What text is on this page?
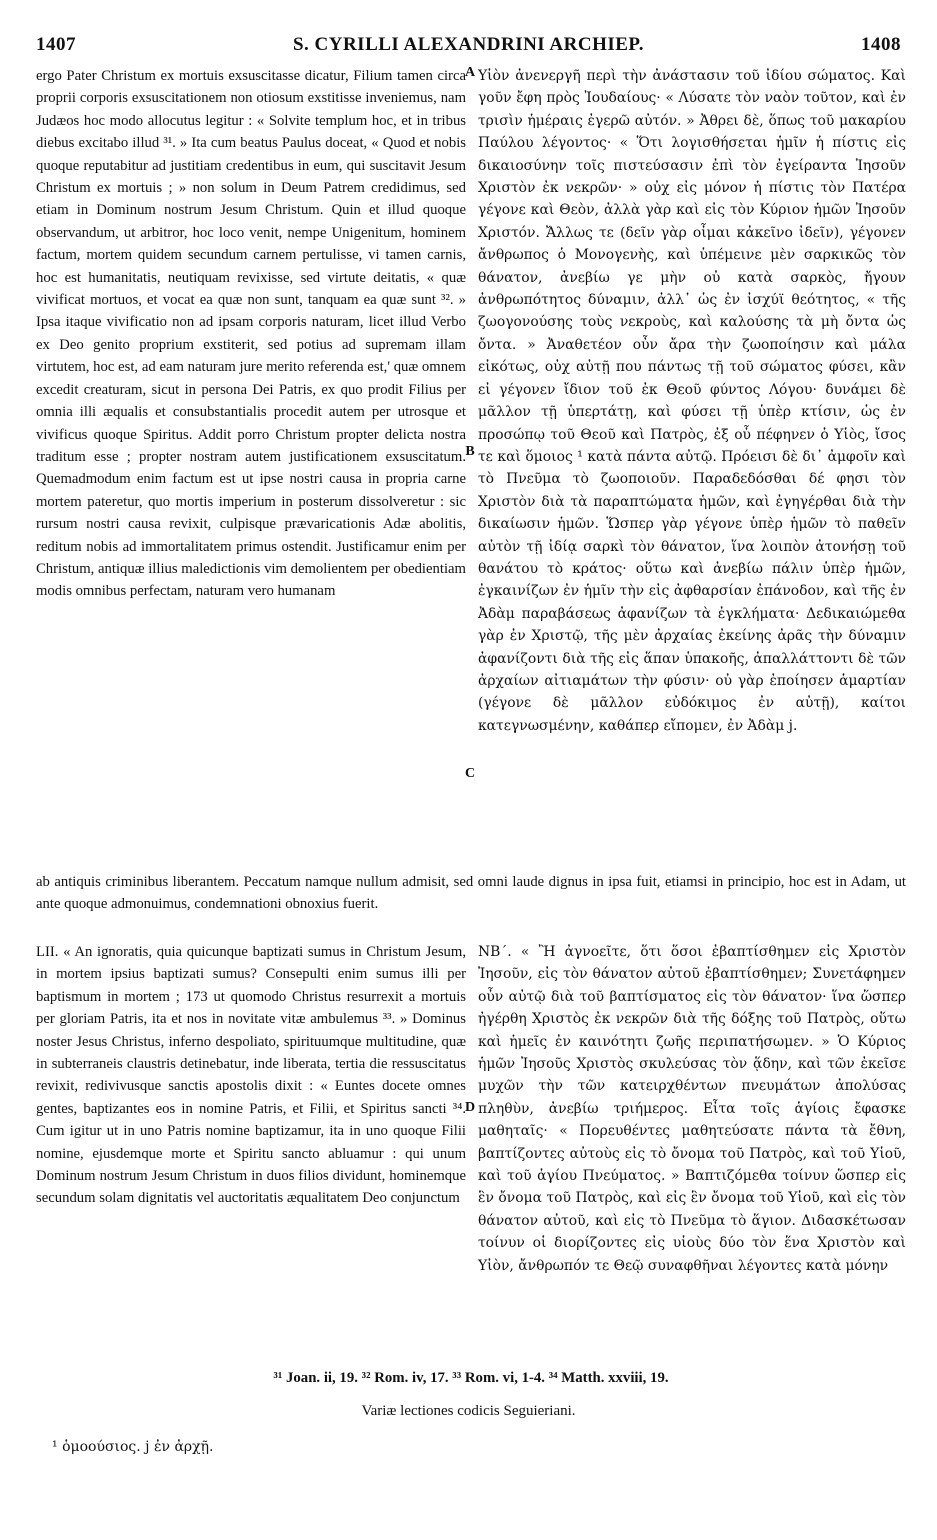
1407	S. CYRILLI ALEXANDRINI ARCHIEP.	1408

ergo Pater Christum ex mortuis exsuscitasse dicatur, Filium tamen circa proprii corporis exsuscitationem non otiosum exstitisse inveniemus, nam Judæos hoc modo allocutus legitur : « Solvite templum hoc, et in tribus diebus excitabo illud ³¹. » Ita cum beatus Paulus doceat, « Quod et nobis quoque reputabitur ad justitiam credentibus in eum, qui suscitavit Jesum Christum ex mortuis ; » non solum in Deum Patrem credidimus, sed etiam in Dominum nostrum Jesum Christum. Quin et illud quoque observandum, ut arbitror, hoc loco venit, nempe Unigenitum, hominem factum, mortem quidem secundum carnem pertulisse, vi tamen carnis, hoc est humanitatis, neutiquam revixisse, sed virtute deitatis, « quæ vivificat mortuos, et vocat ea quæ non sunt, tanquam ea quæ sunt ³². » Ipsa itaque vivificatio non ad ipsam corporis naturam, licet illud Verbo ex Deo genito proprium exstiterit, sed potius ad supremam illam virtutem, hoc est, ad eam naturam jure merito referenda est,' quæ omnem excedit creaturam, sicut in persona Dei Patris, ex quo prodit Filius per omnia illi æqualis et consubstantialis procedit autem per utrosque et vivificus quoque Spiritus. Addit porro Christum propter delicta nostra traditum esse ; propter nostram autem justificationem exsuscitatum. Quemadmodum enim factum est ut ipse nostri causa in propria carne mortem pateretur, quo mortis imperium in posterum dissolveretur : sic rursum nostri causa revixit, culpisque prævaricationis Adæ abolitis, reditum nobis ad immortalitatem primus ostendit. Justificamur enim per Christum, antiquæ illius maledictionis vim demolientem per obedientiam modis omnibus perfectam, naturam vero humanam

A
B
C
D

Υἱὸν ἀνενεργῆ περὶ τὴν ἀνάστασιν τοῦ ἰδίου σώματος. Καὶ γοῦν ἔφη πρὸς Ἰουδαίους· « Λύσατε τὸν ναὸν τοῦτον, καὶ ἐν τρισὶν ἡμέραις ἐγερῶ αὐτόν. » Ἀθρει δὲ, ὅπως τοῦ μακαρίου Παύλου λέγοντος· « Ὅτι λογισθήσεται ἡμῖν ἡ πίστις εἰς δικαιοσύνην τοῖς πιστεύσασιν ἐπὶ τὸν ἐγείραντα Ἰησοῦν Χριστὸν ἐκ νεκρῶν· » οὐχ εἰς μόνον ἡ πίστις τὸν Πατέρα γέγονε καὶ Θεὸν, ἀλλὰ γὰρ καὶ εἰς τὸν Κύριον ἡμῶν Ἰησοῦν Χριστόν. Ἄλλως τε (δεῖν γὰρ οἶμαι κἀκεῖνο ἰδεῖν), γέγονεν ἄνθρωπος ὁ Μονογενὴς, καὶ ὑπέμεινε μὲν σαρκικῶς τὸν θάνατον, ἀνεβίω γε μὴν οὐ κατὰ σαρκὸς, ἤγουν ἀνθρωπότητος δύναμιν, ἀλλ᾽ ὡς ἐν ἰσχύϊ θεότητος, « τῆς ζωογονούσης τοὺς νεκροὺς, καὶ καλούσης τὰ μὴ ὄντα ὡς ὄντα. » Ἀναθετέον οὖν ἄρα τὴν ζωοποίησιν καὶ μάλα εἰκότως, οὐχ αὐτῇ που πάντως τῇ τοῦ σώματος φύσει, κἂν εἰ γέγονεν ἴδιον τοῦ ἐκ Θεοῦ φύντος Λόγου· δυνάμει δὲ μᾶλλον τῇ ὑπερτάτῃ, καὶ φύσει τῇ ὑπὲρ κτίσιν, ὡς ἐν προσώπῳ τοῦ Θεοῦ καὶ Πατρὸς, ἐξ οὗ πέφηνεν ὁ Υἱὸς, ἴσος τε καὶ ὅμοιος ¹ κατὰ πάντα αὐτῷ. Πρόεισι δὲ δι᾽ ἀμφοῖν καὶ τὸ Πνεῦμα τὸ ζωοποιοῦν. Παραδεδόσθαι δέ φησι τὸν Χριστὸν διὰ τὰ παραπτώματα ἡμῶν, καὶ ἐγηγέρθαι διὰ τὴν δικαίωσιν ἡμῶν. Ὥσπερ γὰρ γέγονε ὑπὲρ ἡμῶν τὸ παθεῖν αὐτὸν τῇ ἰδίᾳ σαρκὶ τὸν θάνατον, ἵνα λοιπὸν ἀτονήσῃ τοῦ θανάτου τὸ κράτος· οὕτω καὶ ἀνεβίω πάλιν ὑπὲρ ἡμῶν, ἐγκαινίζων ἐν ἡμῖν τὴν εἰς ἀφθαρσίαν ἐπάνοδον, καὶ τῆς ἐν Ἀδὰμ παραβάσεως ἀφανίζων τὰ ἐγκλήματα· Δεδικαιώμεθα γὰρ ἐν Χριστῷ, τῆς μὲν ἀρχαίας ἐκείνης ἀρᾶς τὴν δύναμιν ἀφανίζοντι διὰ τῆς εἰς ἅπαν ὑπακοῆς, ἀπαλλάττοντι δὲ τῶν ἀρχαίων αἰτιαμάτων τὴν φύσιν· οὐ γὰρ ἐποίησεν ἁμαρτίαν (γέγονε δὲ μᾶλλον εὐδόκιμος ἐν αὐτῇ), καίτοι κατεγνωσμένην, καθάπερ εἴπομεν, ἐν Ἀδὰμ j.

ab antiquis criminibus liberantem. Peccatum namque nullum admisit, sed omni laude dignus in ipsa fuit, etiamsi in principio, hoc est in Adam, ut ante quoque admonuimus, condemnationi obnoxius fuerit.

LII. « An ignoratis, quia quicunque baptizati sumus in Christum Jesum, in mortem ipsius baptizati sumus? Consepulti enim sumus illi per baptismum in mortem ; 173 ut quomodo Christus resurrexit a mortuis per gloriam Patris, ita et nos in novitate vitæ ambulemus ³³. » Dominus noster Jesus Christus, inferno despoliato, spirituumque multitudine, quæ in subterraneis claustris detinebatur, inde liberata, tertia die ressuscitatus revixit, redivivusque sanctis apostolis dixit : « Euntes docete omnes gentes, baptizantes eos in nomine Patris, et Filii, et Spiritus sancti ³⁴. Cum igitur ut in uno Patris nomine baptizamur, ita in uno quoque Filii nomine, ejusdemque morte et Spiritu sancto abluamur : qui unum Dominum nostrum Jesum Christum in duos filios dividunt, hominemque secundum solam dignitatis vel auctoritatis æqualitatem Deo conjunctum

ΝΒ΄. « Ἢ ἀγνοεῖτε, ὅτι ὅσοι ἐβαπτίσθημεν εἰς Χριστὸν Ἰησοῦν, εἰς τὸν θάνατον αὐτοῦ ἐβαπτίσθημεν; Συνετάφημεν οὖν αὐτῷ διὰ τοῦ βαπτίσματος εἰς τὸν θάνατον· ἵνα ὥσπερ ἠγέρθη Χριστὸς ἐκ νεκρῶν διὰ τῆς δόξης τοῦ Πατρὸς, οὕτω καὶ ἡμεῖς ἐν καινότητι ζωῆς περιπατήσωμεν. » Ὁ Κύριος ἡμῶν Ἰησοῦς Χριστὸς σκυλεύσας τὸν ᾅδην, καὶ τῶν ἐκεῖσε μυχῶν τὴν τῶν κατειρχθέντων πνευμάτων ἀπολύσας πληθὺν, ἀνεβίω τριήμερος. Εἶτα τοῖς ἁγίοις ἔφασκε μαθηταῖς· « Πορευθέντες μαθητεύσατε πάντα τὰ ἔθνη, βαπτίζοντες αὐτοὺς εἰς τὸ ὄνομα τοῦ Πατρὸς, καὶ τοῦ Υἱοῦ, καὶ τοῦ ἁγίου Πνεύματος. » Βαπτιζόμεθα τοίνυν ὥσπερ εἰς ἓν ὄνομα τοῦ Πατρὸς, καὶ εἰς ἓν ὄνομα τοῦ Υἱοῦ, καὶ εἰς τὸν θάνατον αὐτοῦ, καὶ εἰς τὸ Πνεῦμα τὸ ἅγιον. Διδασκέτωσαν τοίνυν οἱ διορίζοντες εἰς υἱοὺς δύο τὸν ἕνα Χριστὸν καὶ Υἱὸν, ἄνθρωπόν τε Θεῷ συναφθῆναι λέγοντες κατὰ μόνην

³¹ Joan. ii, 19. ³² Rom. iv, 17. ³³ Rom. vi, 1-4. ³⁴ Matth. xxviii, 19.
Variæ lectiones codicis Seguieriani.
¹ ὁμοούσιος. j ἐν ἀρχῇ.
